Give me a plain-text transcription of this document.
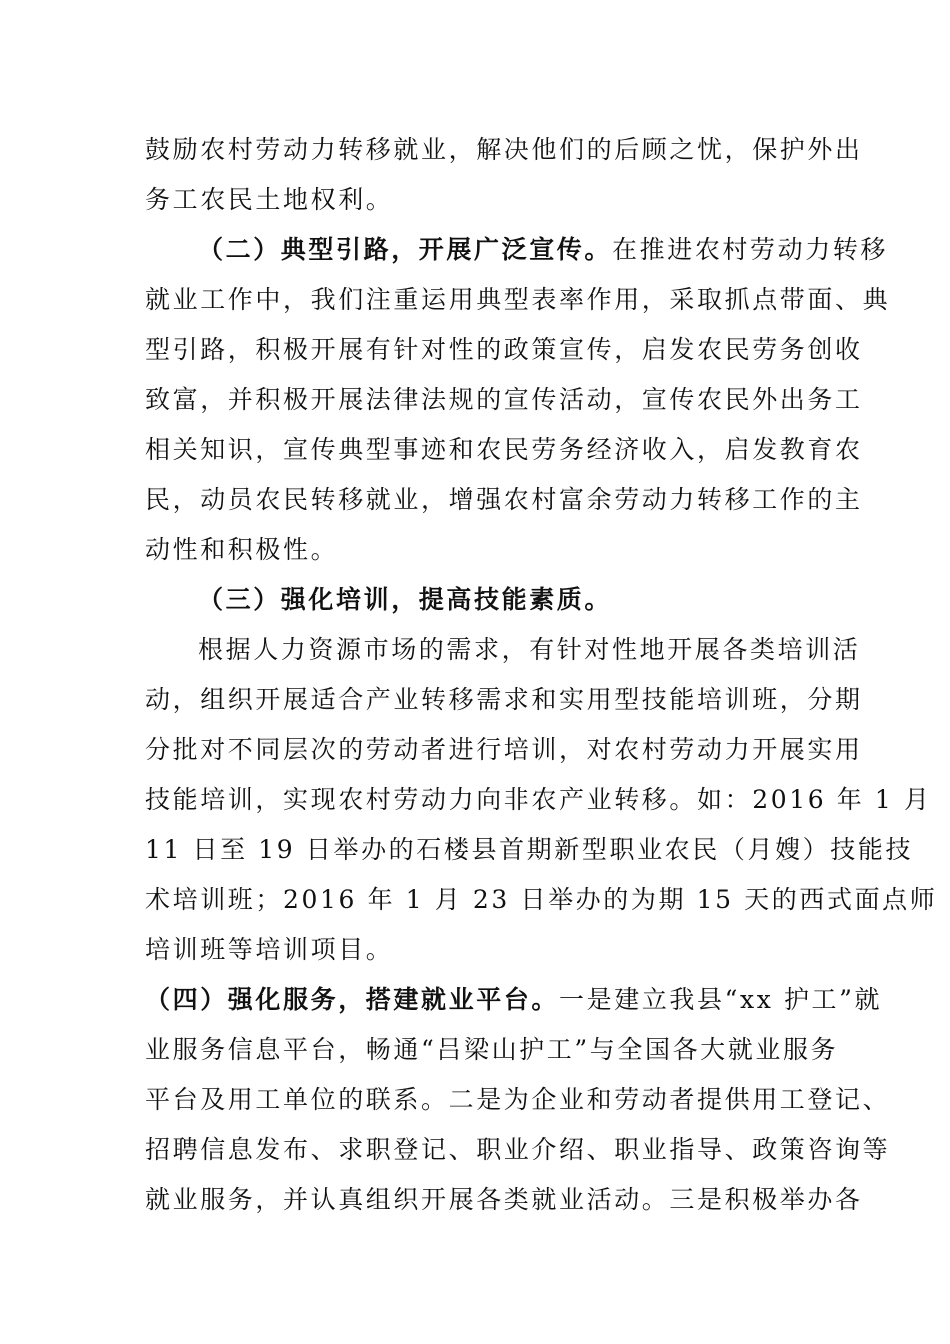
鼓励农村劳动力转移就业，解决他们的后顾之忧，保护外出
务工农民土地权利。
（二）典型引路，开展广泛宣传。在推进农村劳动力转移
就业工作中，我们注重运用典型表率作用，采取抓点带面、典
型引路，积极开展有针对性的政策宣传，启发农民劳务创收
致富，并积极开展法律法规的宣传活动，宣传农民外出务工
相关知识，宣传典型事迹和农民劳务经济收入，启发教育农
民，动员农民转移就业，增强农村富余劳动力转移工作的主
动性和积极性。
（三）强化培训，提高技能素质。
根据人力资源市场的需求，有针对性地开展各类培训活
动，组织开展适合产业转移需求和实用型技能培训班，分期
分批对不同层次的劳动者进行培训，对农村劳动力开展实用
技能培训，实现农村劳动力向非农产业转移。如：2016 年 1 月
11 日至 19 日举办的石楼县首期新型职业农民（月嫂）技能技
术培训班；2016 年 1 月 23 日举办的为期 15 天的西式面点师
培训班等培训项目。
（四）强化服务，搭建就业平台。一是建立我县“xx 护工”就
业服务信息平台，畅通“吕梁山护工”与全国各大就业服务
平台及用工单位的联系。二是为企业和劳动者提供用工登记、
招聘信息发布、求职登记、职业介绍、职业指导、政策咨询等
就业服务，并认真组织开展各类就业活动。三是积极举办各
